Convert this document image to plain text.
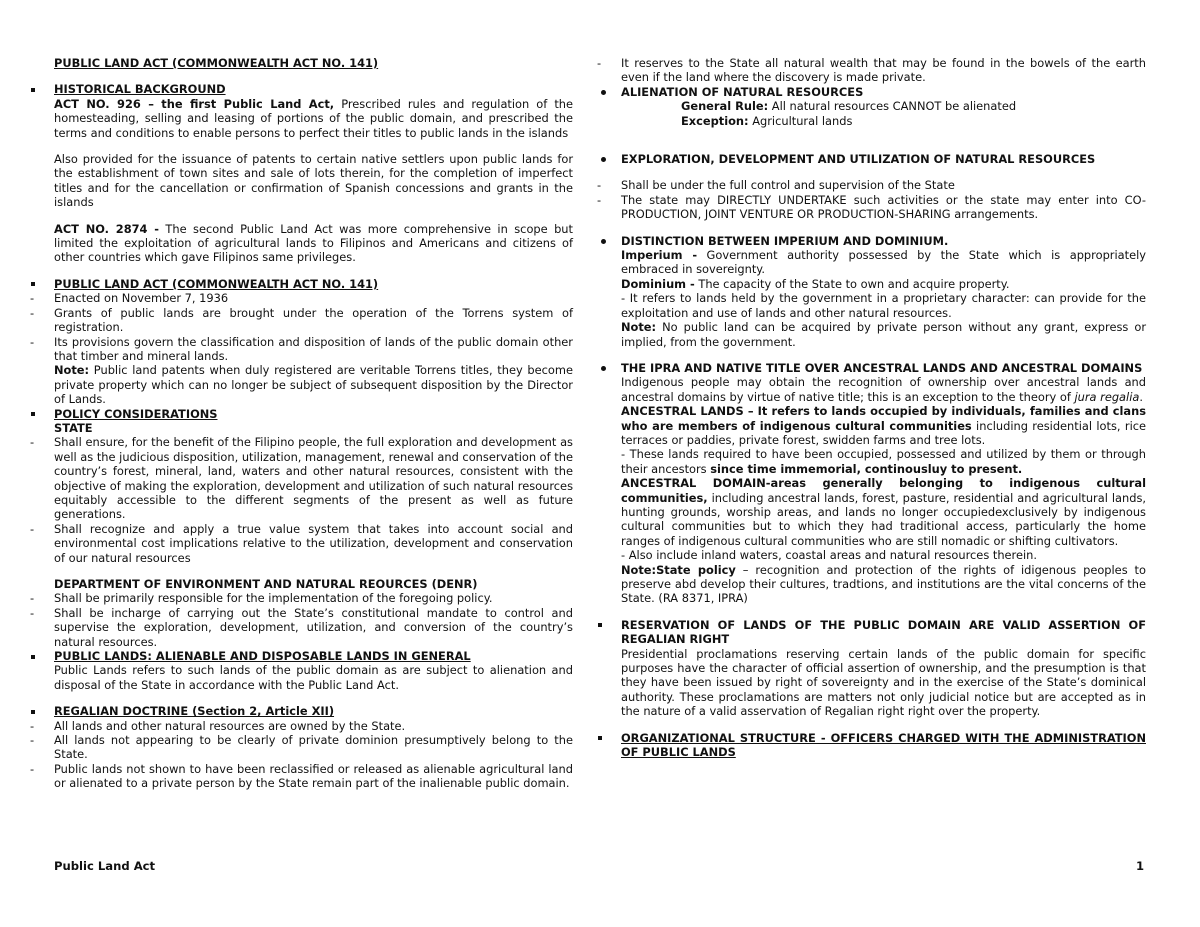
PUBLIC LAND ACT (COMMONWEALTH ACT NO. 141)
HISTORICAL BACKGROUND
ACT NO. 926 – the first Public Land Act, Prescribed rules and regulation of the homesteading, selling and leasing of portions of the public domain, and prescribed the terms and conditions to enable persons to perfect their titles to public lands in the islands
Also provided for the issuance of patents to certain native settlers upon public lands for the establishment of town sites and sale of lots therein, for the completion of imperfect titles and for the cancellation or confirmation of Spanish concessions and grants in the islands
ACT NO. 2874 - The second Public Land Act was more comprehensive in scope but limited the exploitation of agricultural lands to Filipinos and Americans and citizens of other countries which gave Filipinos same privileges.
PUBLIC LAND ACT (COMMONWEALTH ACT NO. 141)
-	Enacted on November 7, 1936
-	Grants of public lands are brought under the operation of the Torrens system of registration.
-	Its provisions govern the classification and disposition of lands of the public domain other that timber and mineral lands.
Note: Public land patents when duly registered are veritable Torrens titles, they become private property which can no longer be subject of subsequent disposition by the Director of Lands.
POLICY CONSIDERATIONS
STATE
-	Shall ensure, for the benefit of the Filipino people, the full exploration and development as well as the judicious disposition, utilization, management, renewal and conservation of the country’s forest, mineral, land, waters and other natural resources, consistent with the objective of making the exploration, development and utilization of such natural resources equitably accessible to the different segments of the present as well as future generations.
-	Shall recognize and apply a true value system that takes into account social and environmental cost implications relative to the utilization, development and conservation of our natural resources
DEPARTMENT OF ENVIRONMENT AND NATURAL REOURCES (DENR)
-	Shall be primarily responsible for the implementation of the foregoing policy.
-	Shall be incharge of carrying out the State’s constitutional mandate to control and supervise the exploration, development, utilization, and conversion of the country’s natural resources.
PUBLIC LANDS: ALIENABLE AND DISPOSABLE LANDS IN GENERAL
Public Lands refers to such lands of the public domain as are subject to alienation and disposal of the State in accordance with the Public Land Act.
REGALIAN DOCTRINE (Section 2, Article XII)
-	All lands and other natural resources are owned by the State.
-	All lands not appearing to be clearly of private dominion presumptively belong to the State.
-	Public lands not shown to have been reclassified or released as alienable agricultural land or alienated to a private person by the State remain part of the inalienable public domain.
-	It reserves to the State all natural wealth that may be found in the bowels of the earth even if the land where the discovery is made private.
ALIENATION OF NATURAL RESOURCES
General Rule: All natural resources CANNOT be alienated
Exception: Agricultural lands
EXPLORATION, DEVELOPMENT AND UTILIZATION OF NATURAL RESOURCES
-	Shall be under the full control and supervision of the State
-	The state may DIRECTLY UNDERTAKE such activities or the state may enter into CO-PRODUCTION, JOINT VENTURE OR PRODUCTION-SHARING arrangements.
DISTINCTION BETWEEN IMPERIUM AND DOMINIUM.
Imperium - Government authority possessed by the State which is appropriately embraced in sovereignty.
Dominium - The capacity of the State to own and acquire property.
- It refers to lands held by the government in a proprietary character: can provide for the exploitation and use of lands and other natural resources.
Note: No public land can be acquired by private person without any grant, express or implied, from the government.
THE IPRA AND NATIVE TITLE OVER ANCESTRAL LANDS AND ANCESTRAL DOMAINS
Indigenous people may obtain the recognition of ownership over ancestral lands and ancestral domains by virtue of native title; this is an exception to the theory of jura regalia.
ANCESTRAL LANDS – It refers to lands occupied by individuals, families and clans who are members of indigenous cultural communities including residential lots, rice terraces or paddies, private forest, swidden farms and tree lots.
- These lands required to have been occupied, possessed and utilized by them or through their ancestors since time immemorial, continousluy to present.
ANCESTRAL DOMAIN-areas generally belonging to indigenous cultural communities, including ancestral lands, forest, pasture, residential and agricultural lands, hunting grounds, worship areas, and lands no longer occupiedexclusively by indigenous cultural communities but to which they had traditional access, particularly the home ranges of indigenous cultural communities who are still nomadic or shifting cultivators.
- Also include inland waters, coastal areas and natural resources therein.
Note:State policy – recognition and protection of the rights of idigenous peoples to preserve abd develop their cultures, tradtions, and institutions are the vital concerns of the State. (RA 8371, IPRA)
RESERVATION OF LANDS OF THE PUBLIC DOMAIN ARE VALID ASSERTION OF REGALIAN RIGHT
Presidential proclamations reserving certain lands of the public domain for specific purposes have the character of official assertion of ownership, and the presumption is that they have been issued by right of sovereignty and in the exercise of the State’s dominical authority. These proclamations are matters not only judicial notice but are accepted as in the nature of a valid asservation of Regalian right right over the property.
ORGANIZATIONAL STRUCTURE - OFFICERS CHARGED WITH THE ADMINISTRATION OF PUBLIC LANDS
Public Land Act	1
